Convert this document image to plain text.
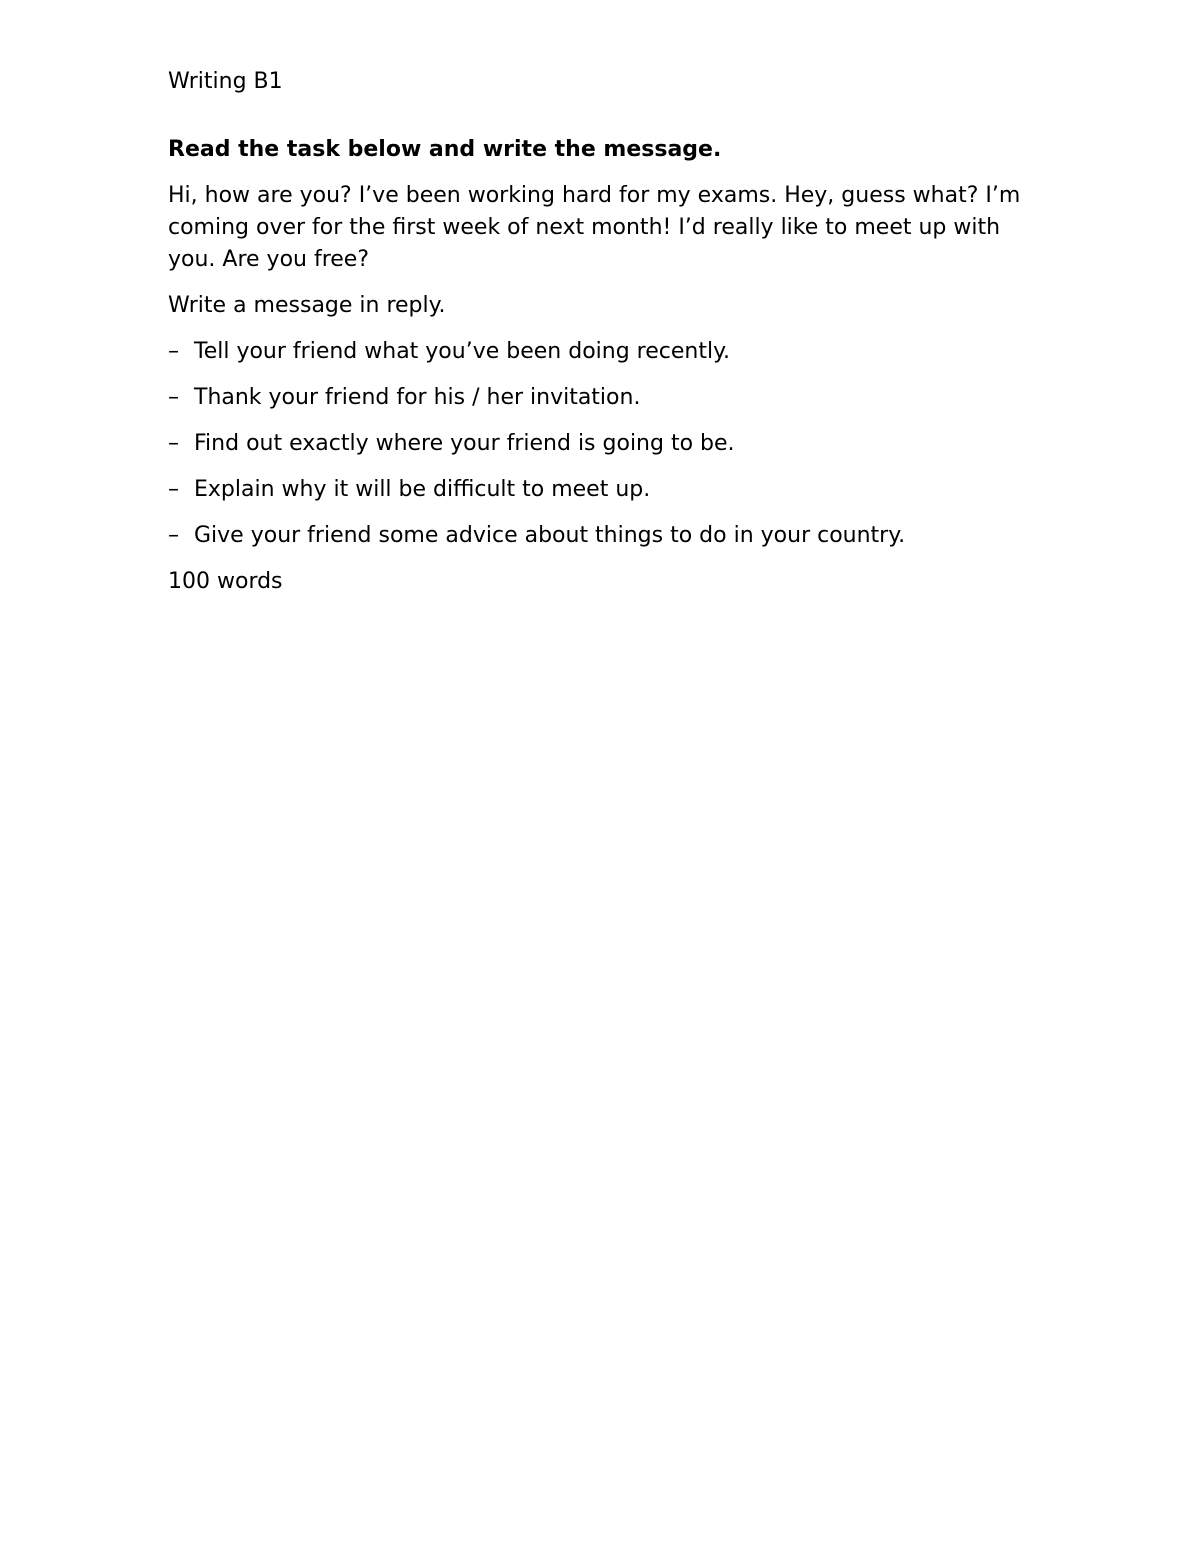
Writing B1

Read the task below and write the message.

Hi, how are you? I’ve been working hard for my exams. Hey, guess what? I’m coming over for the first week of next month! I’d really like to meet up with you. Are you free?

Write a message in reply.

– Tell your friend what you’ve been doing recently.
– Thank your friend for his / her invitation.
– Find out exactly where your friend is going to be.
– Explain why it will be difficult to meet up.
– Give your friend some advice about things to do in your country.

100 words
